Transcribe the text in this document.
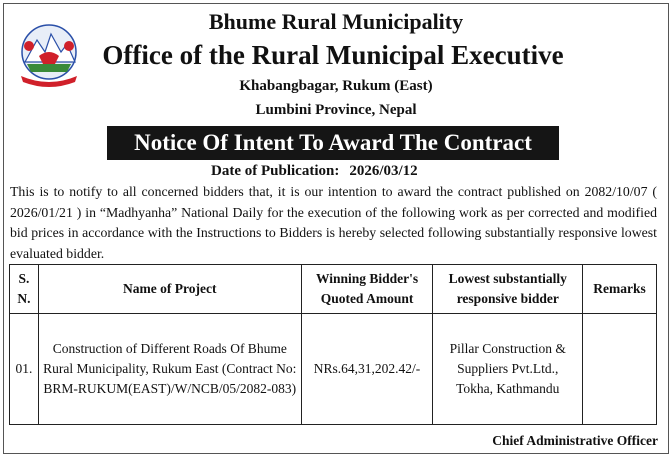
Bhume Rural Municipality
Office of the Rural Municipal Executive
Khabangbagar, Rukum (East)
Lumbini Province, Nepal
Notice Of Intent To Award The Contract
Date of Publication: 2026/03/12

This is to notify to all concerned bidders that, it is our intention to award the contract published on 2082/10/07 ( 2026/01/21 ) in “Madhyanha” National Daily for the execution of the following work as per corrected and modified bid prices in accordance with the Instructions to Bidders is hereby selected following substantially responsive lowest evaluated bidder.

S. N.	Name of Project	Winning Bidder's Quoted Amount	Lowest substantially responsive bidder	Remarks
01.	Construction of Different Roads Of Bhume Rural Municipality, Rukum East (Contract No: BRM-RUKUM(EAST)/W/NCB/05/2082-083)	NRs.64,31,202.42/-	Pillar Construction & Suppliers Pvt.Ltd., Tokha, Kathmandu	
Chief Administrative Officer
